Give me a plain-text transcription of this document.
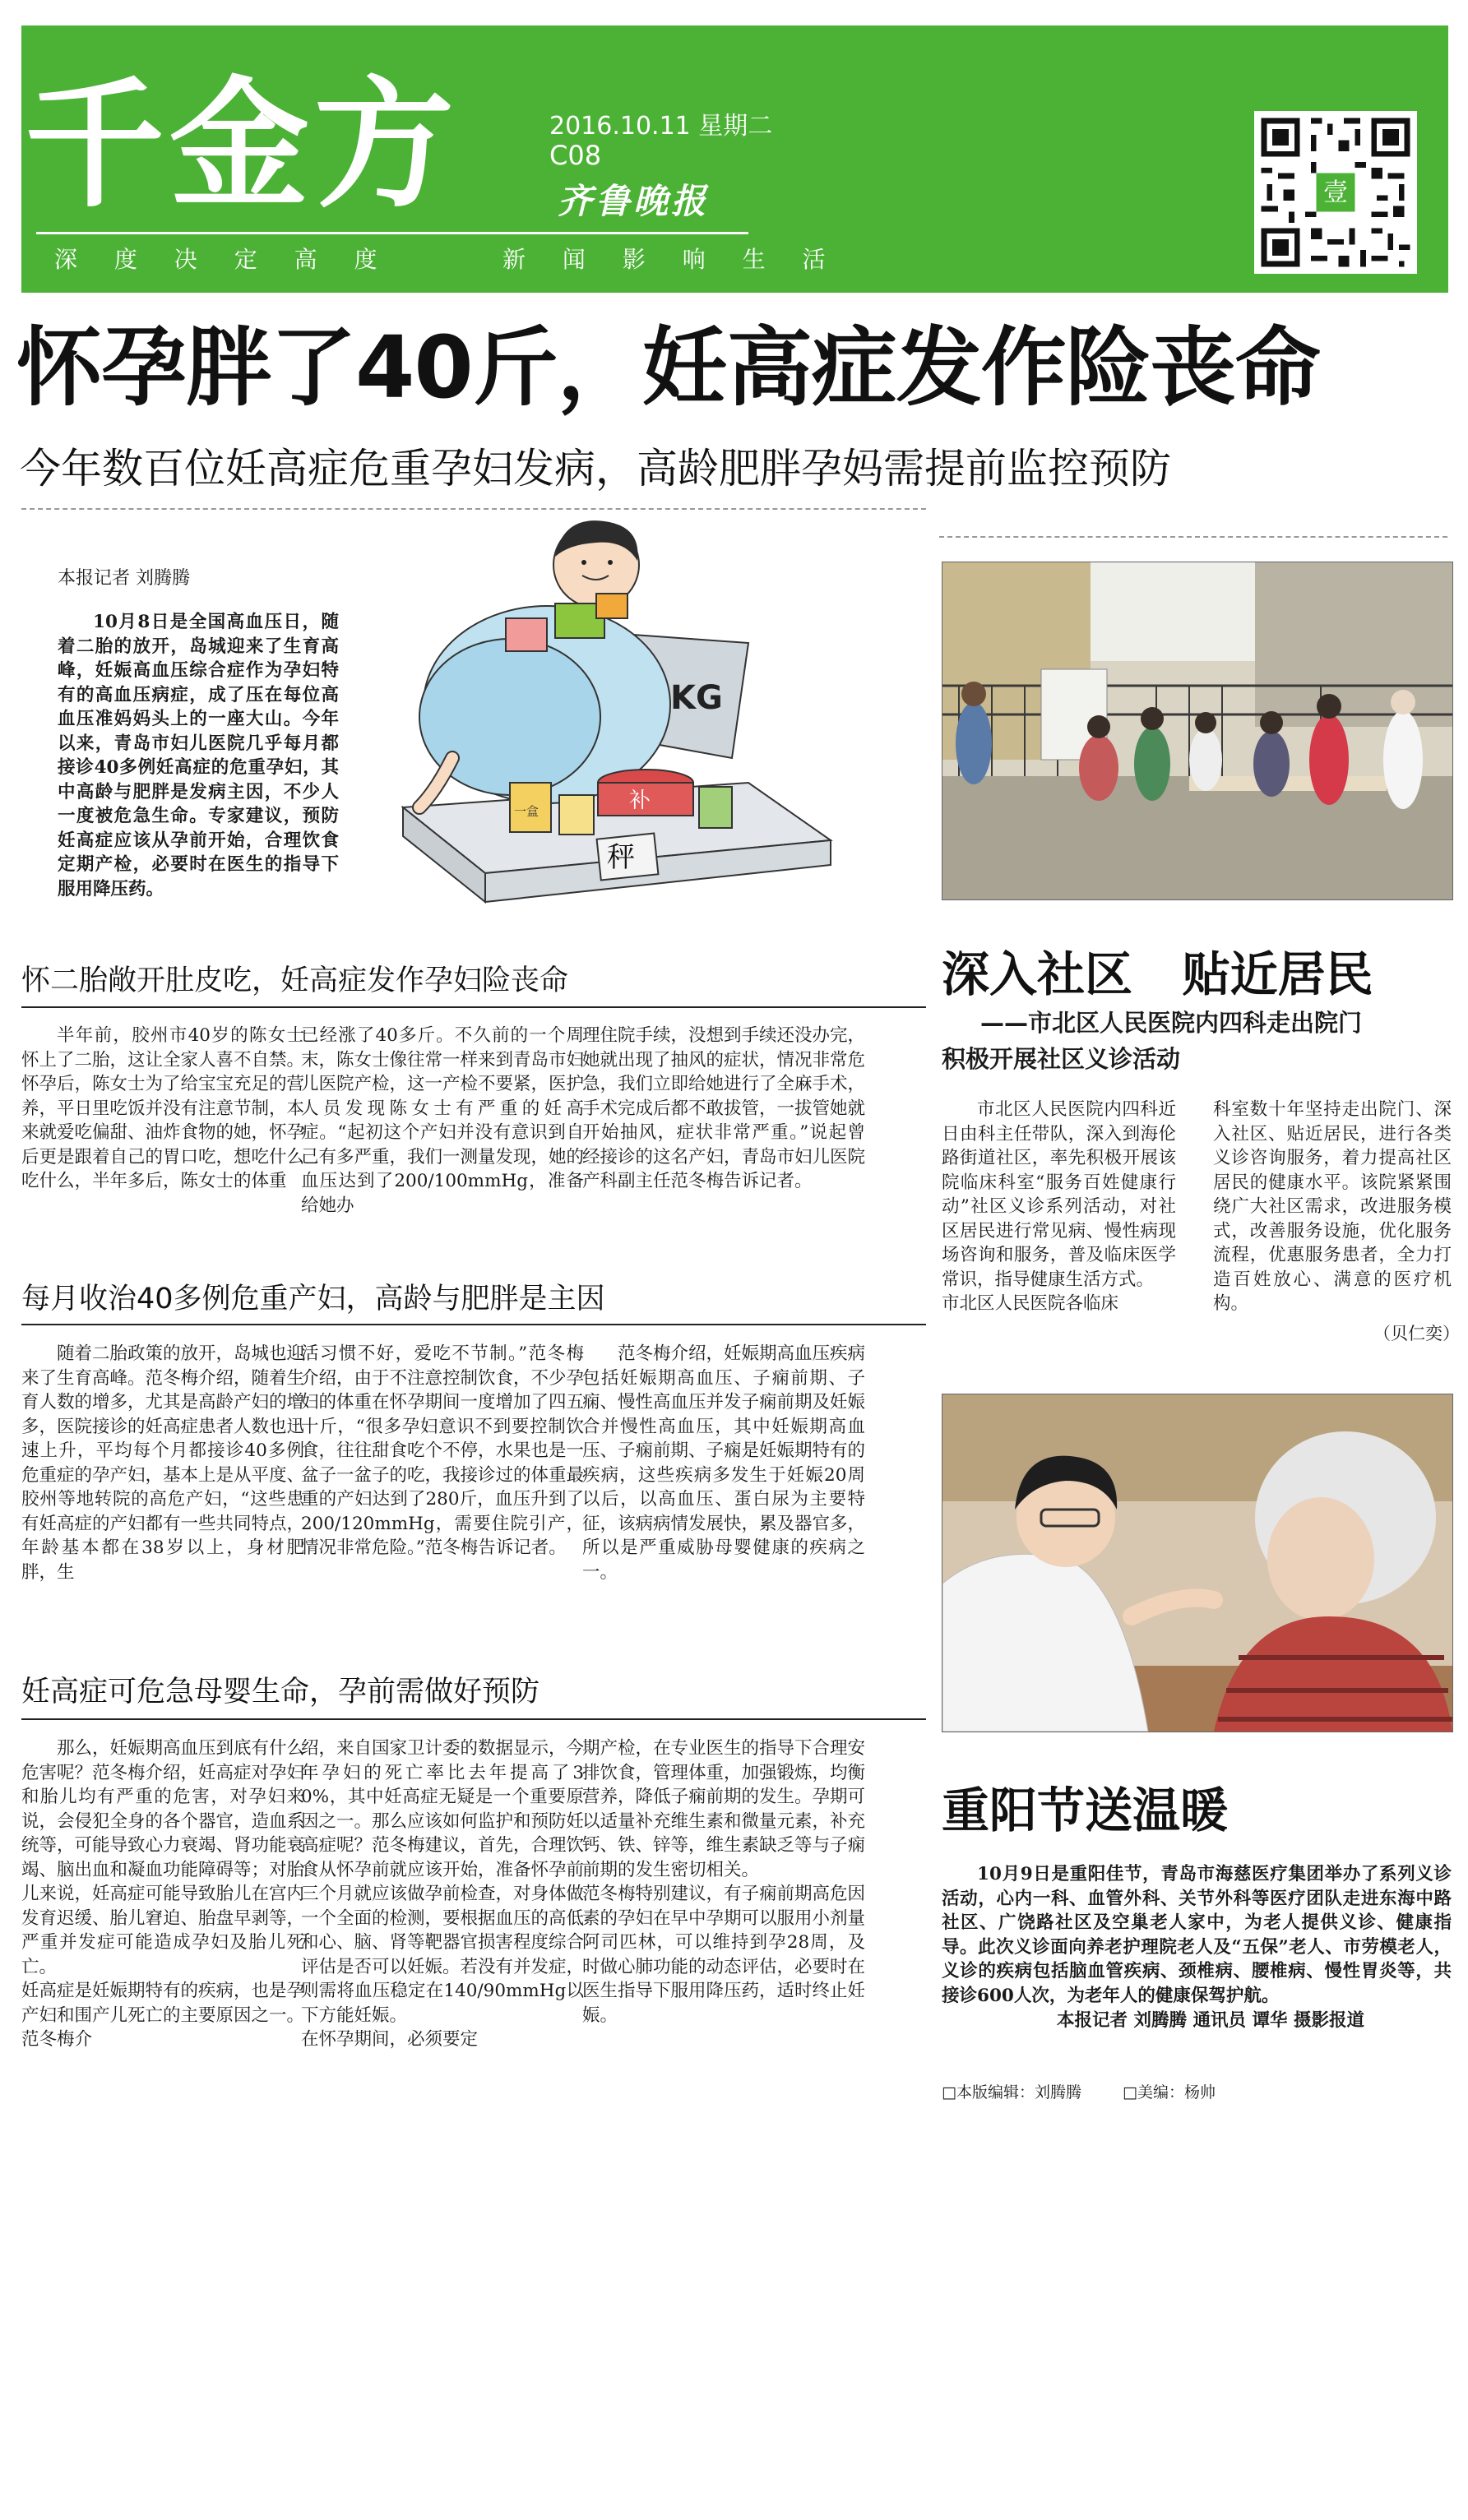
千金方	2016.10.11 星期二
C08
齐鲁晚报
深 度 决 定 高 度     新 闻 影 响 生 活
壹
怀孕胖了40斤，妊高症发作险丧命
今年数百位妊高症危重孕妇发病，高龄肥胖孕妈需提前监控预防
本报记者 刘腾腾

10月8日是全国高血压日，随着二胎的放开，岛城迎来了生育高峰，妊娠高血压综合症作为孕妇特有的高血压病症，成了压在每位高血压准妈妈头上的一座大山。今年以来，青岛市妇儿医院几乎每月都接诊40多例妊高症的危重孕妇，其中高龄与肥胖是发病主因，不少人一度被危急生命。专家建议，预防妊高症应该从孕前开始，合理饮食定期产检，必要时在医生的指导下服用降压药。

秤
KG
补
一盒
怀二胎敞开肚皮吃，妊高症发作孕妇险丧命

半年前，胶州市40岁的陈女士怀上了二胎，这让全家人喜不自禁。怀孕后，陈女士为了给宝宝充足的营养，平日里吃饭并没有注意节制，本来就爱吃偏甜、油炸食物的她，怀孕后更是跟着自己的胃口吃，想吃什么吃什么，半年多后，陈女士的体重

已经涨了40多斤。不久前的一个周末，陈女士像往常一样来到青岛市妇儿医院产检，这一产检不要紧，医护人员发现陈女士有严重的妊高症。“起初这个产妇并没有意识到自己有多严重，我们一测量发现，她的血压达到了200/100mmHg，准备给她办

理住院手续，没想到手续还没办完，她就出现了抽风的症状，情况非常危急，我们立即给她进行了全麻手术，手术完成后都不敢拔管，一拔管她就开始抽风，症状非常严重。”说起曾经接诊的这名产妇，青岛市妇儿医院产科副主任范冬梅告诉记者。

每月收治40多例危重产妇，高龄与肥胖是主因

随着二胎政策的放开，岛城也迎来了生育高峰。范冬梅介绍，随着生育人数的增多，尤其是高龄产妇的增多，医院接诊的妊高症患者人数也迅速上升，平均每个月都接诊40多例危重症的孕产妇，基本上是从平度、胶州等地转院的高危产妇，“这些患有妊高症的产妇都有一些共同特点，年龄基本都在38岁以上，身材肥胖，生

活习惯不好，爱吃不节制。”范冬梅介绍，由于不注意控制饮食，不少孕妇的体重在怀孕期间一度增加了四五十斤，“很多孕妇意识不到要控制饮食，往往甜食吃个不停，水果也是一盆子一盆子的吃，我接诊过的体重最重的产妇达到了280斤，血压升到了200/120mmHg，需要住院引产，情况非常危险。”范冬梅告诉记者。

范冬梅介绍，妊娠期高血压疾病包括妊娠期高血压、子痫前期、子痫、慢性高血压并发子痫前期及妊娠合并慢性高血压，其中妊娠期高血压、子痫前期、子痫是妊娠期特有的疾病，这些疾病多发生于妊娠20周以后，以高血压、蛋白尿为主要特征，该病病情发展快，累及器官多，所以是严重威胁母婴健康的疾病之一。

妊高症可危急母婴生命，孕前需做好预防

那么，妊娠期高血压到底有什么危害呢？范冬梅介绍，妊高症对孕妇和胎儿均有严重的危害，对孕妇来说，会侵犯全身的各个器官，造血系统等，可能导致心力衰竭、肾功能衰竭、脑出血和凝血功能障碍等；对胎儿来说，妊高症可能导致胎儿在宫内发育迟缓、胎儿窘迫、胎盘早剥等，严重并发症可能造成孕妇及胎儿死亡。
妊高症是妊娠期特有的疾病，也是孕产妇和围产儿死亡的主要原因之一。范冬梅介

绍，来自国家卫计委的数据显示，今年孕妇的死亡率比去年提高了30%，其中妊高症无疑是一个重要原因之一。那么应该如何监护和预防妊高症呢？范冬梅建议，首先，合理饮食从怀孕前就应该开始，准备怀孕前三个月就应该做孕前检查，对身体做一个全面的检测，要根据血压的高低和心、脑、肾等靶器官损害程度综合评估是否可以妊娠。若没有并发症，则需将血压稳定在140/90mmHg以下方能妊娠。
在怀孕期间，必须要定

期产检，在专业医生的指导下合理安排饮食，管理体重，加强锻炼，均衡营养，降低子痫前期的发生。孕期可以适量补充维生素和微量元素，补充钙、铁、锌等，维生素缺乏等与子痫前期的发生密切相关。
范冬梅特别建议，有子痫前期高危因素的孕妇在早中孕期可以服用小剂量阿司匹林，可以维持到孕28周，及时做心肺功能的动态评估，必要时在医生指导下服用降压药，适时终止妊娠。

深入社区   贴近居民
——市北区人民医院内四科走出院门
积极开展社区义诊活动

市北区人民医院内四科近日由科主任带队，深入到海伦路街道社区，率先积极开展该院临床科室“服务百姓健康行动”社区义诊系列活动，对社区居民进行常见病、慢性病现场咨询和服务，普及临床医学常识，指导健康生活方式。
市北区人民医院各临床

科室数十年坚持走出院门、深入社区、贴近居民，进行各类义诊咨询服务，着力提高社区居民的健康水平。该院紧紧围绕广大社区需求，改进服务模式，改善服务设施，优化服务流程，优惠服务患者，全力打造百姓放心、满意的医疗机构。

（贝仁奕）
重阳节送温暖

10月9日是重阳佳节，青岛市海慈医疗集团举办了系列义诊活动，心内一科、血管外科、关节外科等医疗团队走进东海中路社区、广饶路社区及空巢老人家中，为老人提供义诊、健康指导。此次义诊面向养老护理院老人及“五保”老人、市劳模老人，义诊的疾病包括脑血管疾病、颈椎病、腰椎病、慢性胃炎等，共接诊600人次，为老年人的健康保驾护航。

本报记者 刘腾腾 通讯员 谭华 摄影报道
□本版编辑：刘腾腾	□美编：杨帅
